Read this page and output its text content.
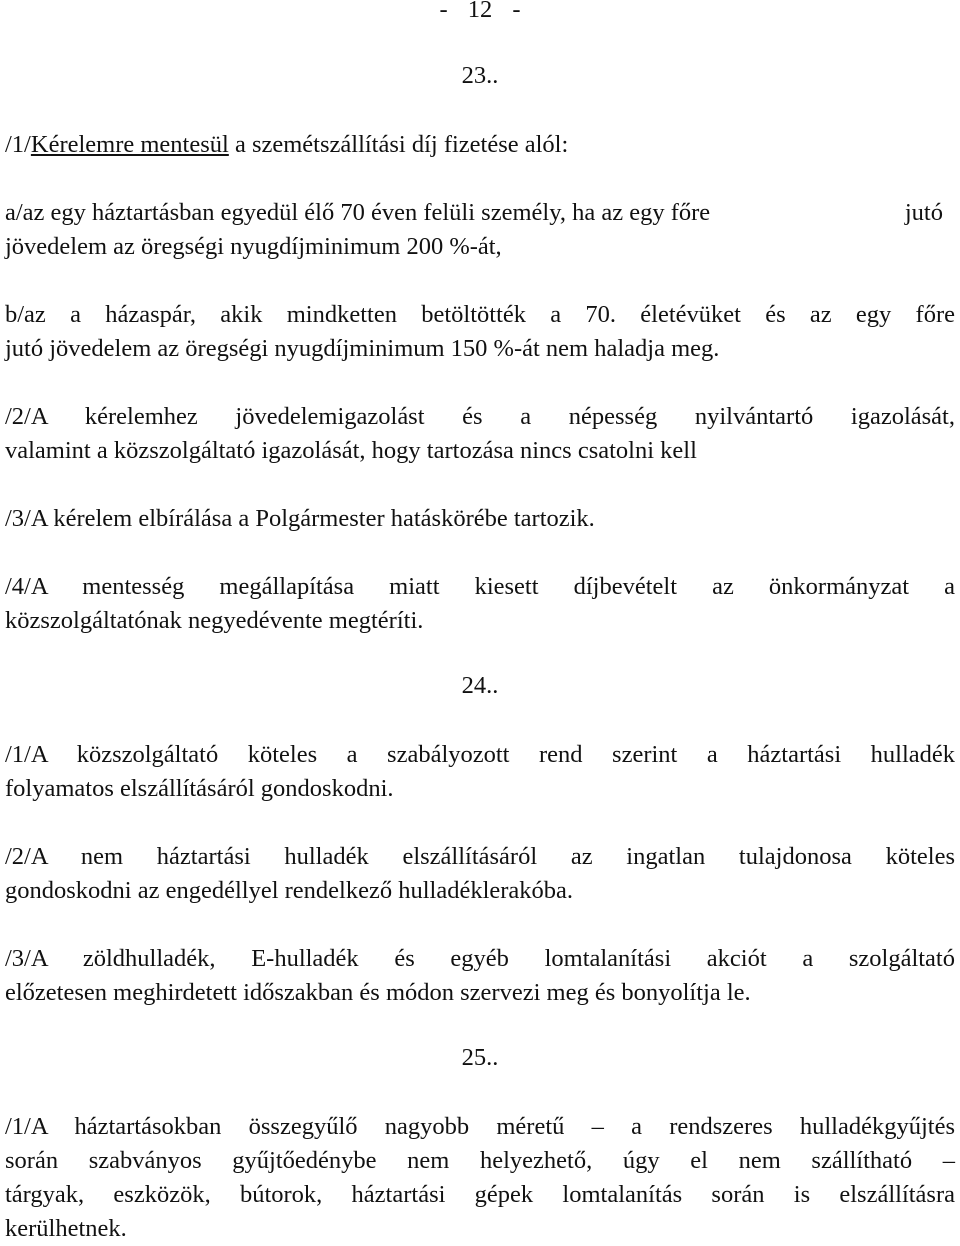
- 12 -
23..
/1/Kérelemre mentesül a szemétszállítási díj fizetése alól:
a/az egy háztartásban egyedül élő 70 éven felüli személy, ha az egy főre	jutó
jövedelem az öregségi nyugdíjminimum 200 %-át,
b/az a házaspár, akik mindketten betöltötték a 70. életévüket és az egy főre
jutó jövedelem az öregségi nyugdíjminimum 150 %-át nem haladja meg.
/2/A kérelemhez jövedelemigazolást és a népesség nyilvántartó igazolását,
valamint a közszolgáltató igazolását, hogy tartozása nincs csatolni kell
/3/A kérelem elbírálása a Polgármester hatáskörébe tartozik.
/4/A mentesség megállapítása miatt kiesett díjbevételt az önkormányzat a
közszolgáltatónak negyedévente megtéríti.
24..
/1/A közszolgáltató köteles a szabályozott rend szerint a háztartási hulladék
folyamatos elszállításáról gondoskodni.
/2/A nem háztartási hulladék elszállításáról az ingatlan tulajdonosa köteles
gondoskodni az engedéllyel rendelkező hulladéklerakóba.
/3/A zöldhulladék, E-hulladék és egyéb lomtalanítási akciót a szolgáltató
előzetesen meghirdetett időszakban és módon szervezi meg és bonyolítja le.
25..
/1/A háztartásokban összegyűlő nagyobb méretű – a rendszeres hulladékgyűjtés
során szabványos gyűjtőedénybe nem helyezhető, úgy el nem szállítható –
tárgyak, eszközök, bútorok, háztartási gépek lomtalanítás során is elszállításra
kerülhetnek.
